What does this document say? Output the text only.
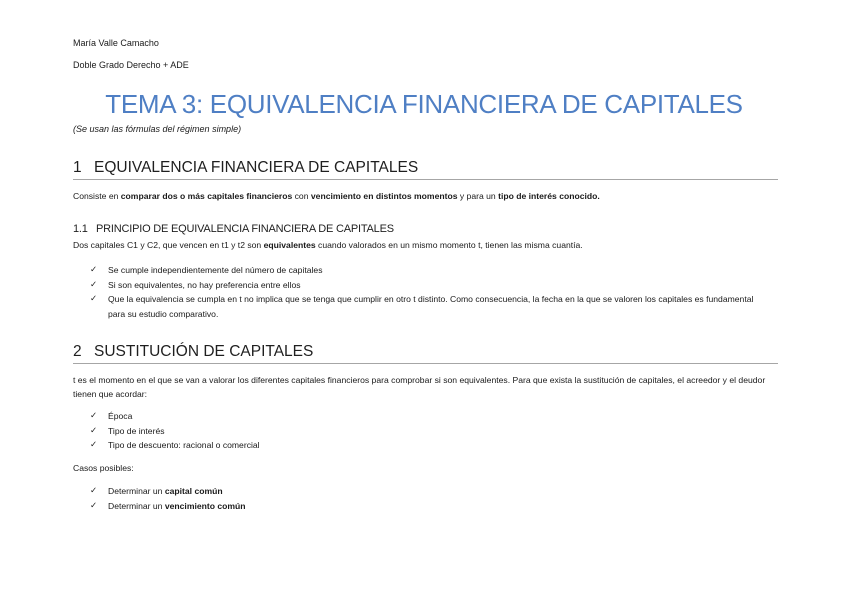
María Valle Camacho
Doble Grado Derecho + ADE
TEMA 3: EQUIVALENCIA FINANCIERA DE CAPITALES
(Se usan las fórmulas del régimen simple)
1 EQUIVALENCIA FINANCIERA DE CAPITALES
Consiste en comparar dos o más capitales financieros con vencimiento en distintos momentos y para un tipo de interés conocido.
1.1 PRINCIPIO DE EQUIVALENCIA FINANCIERA DE CAPITALES
Dos capitales C1 y C2, que vencen en t1 y t2 son equivalentes cuando valorados en un mismo momento t, tienen las misma cuantía.
✓ Se cumple independientemente del número de capitales
✓ Si son equivalentes, no hay preferencia entre ellos
✓ Que la equivalencia se cumpla en t no implica que se tenga que cumplir en otro t distinto. Como consecuencia, la fecha en la que se valoren los capitales es fundamental para su estudio comparativo.
2 SUSTITUCIÓN DE CAPITALES
t es el momento en el que se van a valorar los diferentes capitales financieros para comprobar si son equivalentes. Para que exista la sustitución de capitales, el acreedor y el deudor tienen que acordar:
✓ Época
✓ Tipo de interés
✓ Tipo de descuento: racional o comercial
Casos posibles:
✓ Determinar un capital común
✓ Determinar un vencimiento común
